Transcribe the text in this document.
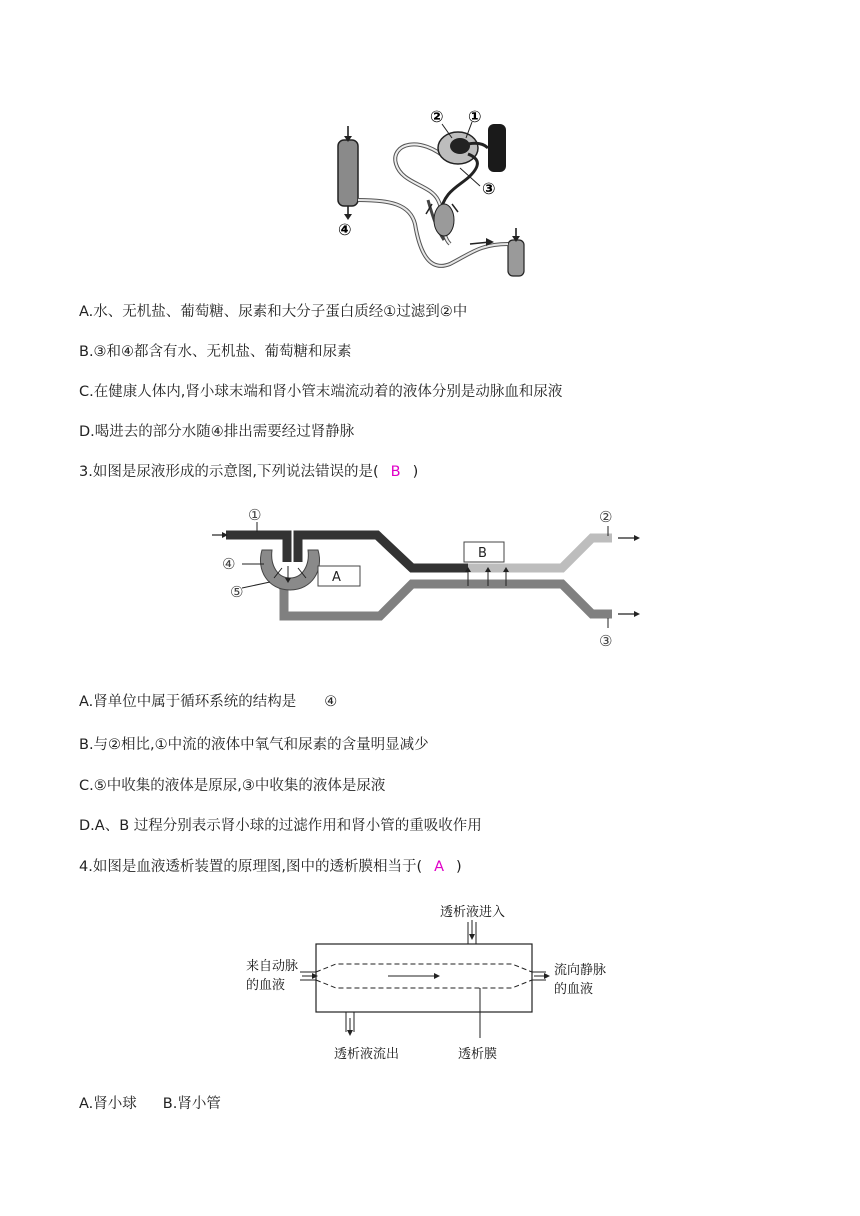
② ①
③
④
A.水、无机盐、葡萄糖、尿素和大分子蛋白质经①过滤到②中
B.③和④都含有水、无机盐、葡萄糖和尿素
C.在健康人体内,肾小球末端和肾小管末端流动着的液体分别是动脉血和尿液
D.喝进去的部分水随④排出需要经过肾静脉
3.如图是尿液形成的示意图,下列说法错误的是( B )
A
B
①	②
③
④
⑤
A.肾单位中属于循环系统的结构是 ④
B.与②相比,①中流的液体中氧气和尿素的含量明显减少
C.⑤中收集的液体是原尿,③中收集的液体是尿液
D.A、B 过程分别表示肾小球的过滤作用和肾小管的重吸收作用
4.如图是血液透析装置的原理图,图中的透析膜相当于( A )
透析液进入
来自动脉
的血液
流向静脉
的血液
透析液流出	透析膜
A.肾小球 B.肾小管
